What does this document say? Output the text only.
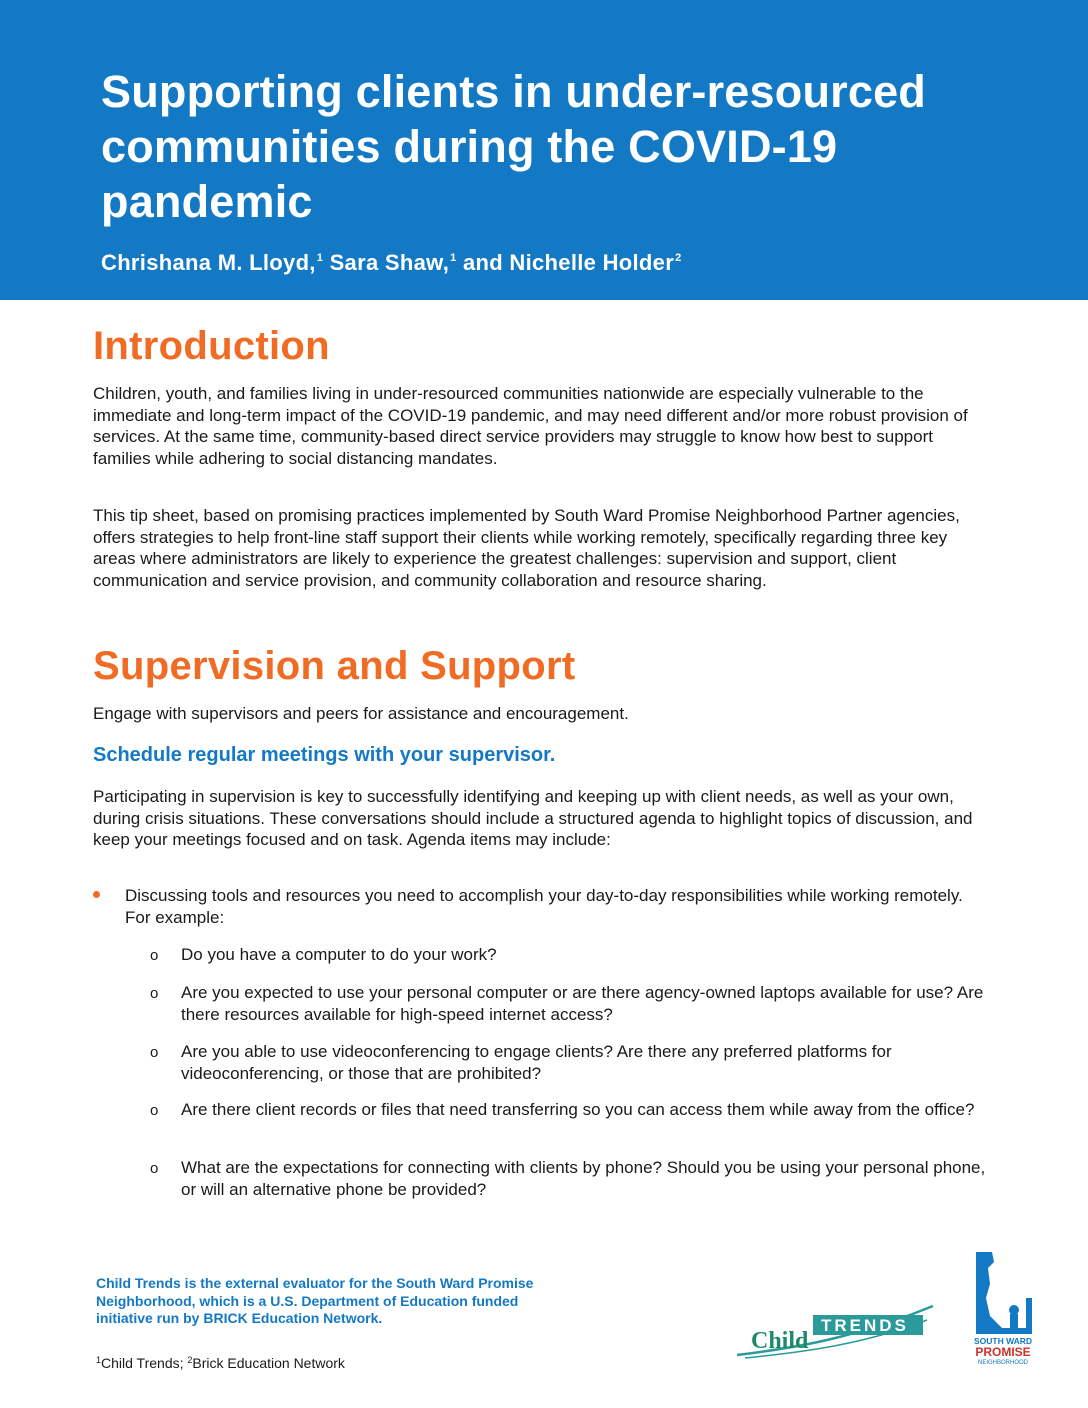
Supporting clients in under-resourced communities during the COVID-19 pandemic
Chrishana M. Lloyd,$^1$ Sara Shaw,$^1$ and Nichelle Holder$^2$
Introduction

Children, youth, and families living in under-resourced communities nationwide are especially vulnerable to the immediate and long-term impact of the COVID-19 pandemic, and may need different and/or more robust provision of services. At the same time, community-based direct service providers may struggle to know how best to support families while adhering to social distancing mandates.

This tip sheet, based on promising practices implemented by South Ward Promise Neighborhood Partner agencies, offers strategies to help front-line staff support their clients while working remotely, specifically regarding three key areas where administrators are likely to experience the greatest challenges: supervision and support, client communication and service provision, and community collaboration and resource sharing.

Supervision and Support

Engage with supervisors and peers for assistance and encouragement.

Schedule regular meetings with your supervisor.

Participating in supervision is key to successfully identifying and keeping up with client needs, as well as your own, during crisis situations. These conversations should include a structured agenda to highlight topics of discussion, and keep your meetings focused and on task. Agenda items may include:

Discussing tools and resources you need to accomplish your day-to-day responsibilities while working remotely. For example:
o Do you have a computer to do your work?
o Are you expected to use your personal computer or are there agency-owned laptops available for use? Are there resources available for high-speed internet access?
o Are you able to use videoconferencing to engage clients? Are there any preferred platforms for videoconferencing, or those that are prohibited?
o Are there client records or files that need transferring so you can access them while away from the office?
o What are the expectations for connecting with clients by phone? Should you be using your personal phone, or will an alternative phone be provided?
Child Trends is the external evaluator for the South Ward Promise Neighborhood, which is a U.S. Department of Education funded initiative run by BRICK Education Network.
$^1$Child Trends; $^2$Brick Education Network
TRENDS
Child	SOUTH WARD
PROMISE
NEIGHBORHOOD
